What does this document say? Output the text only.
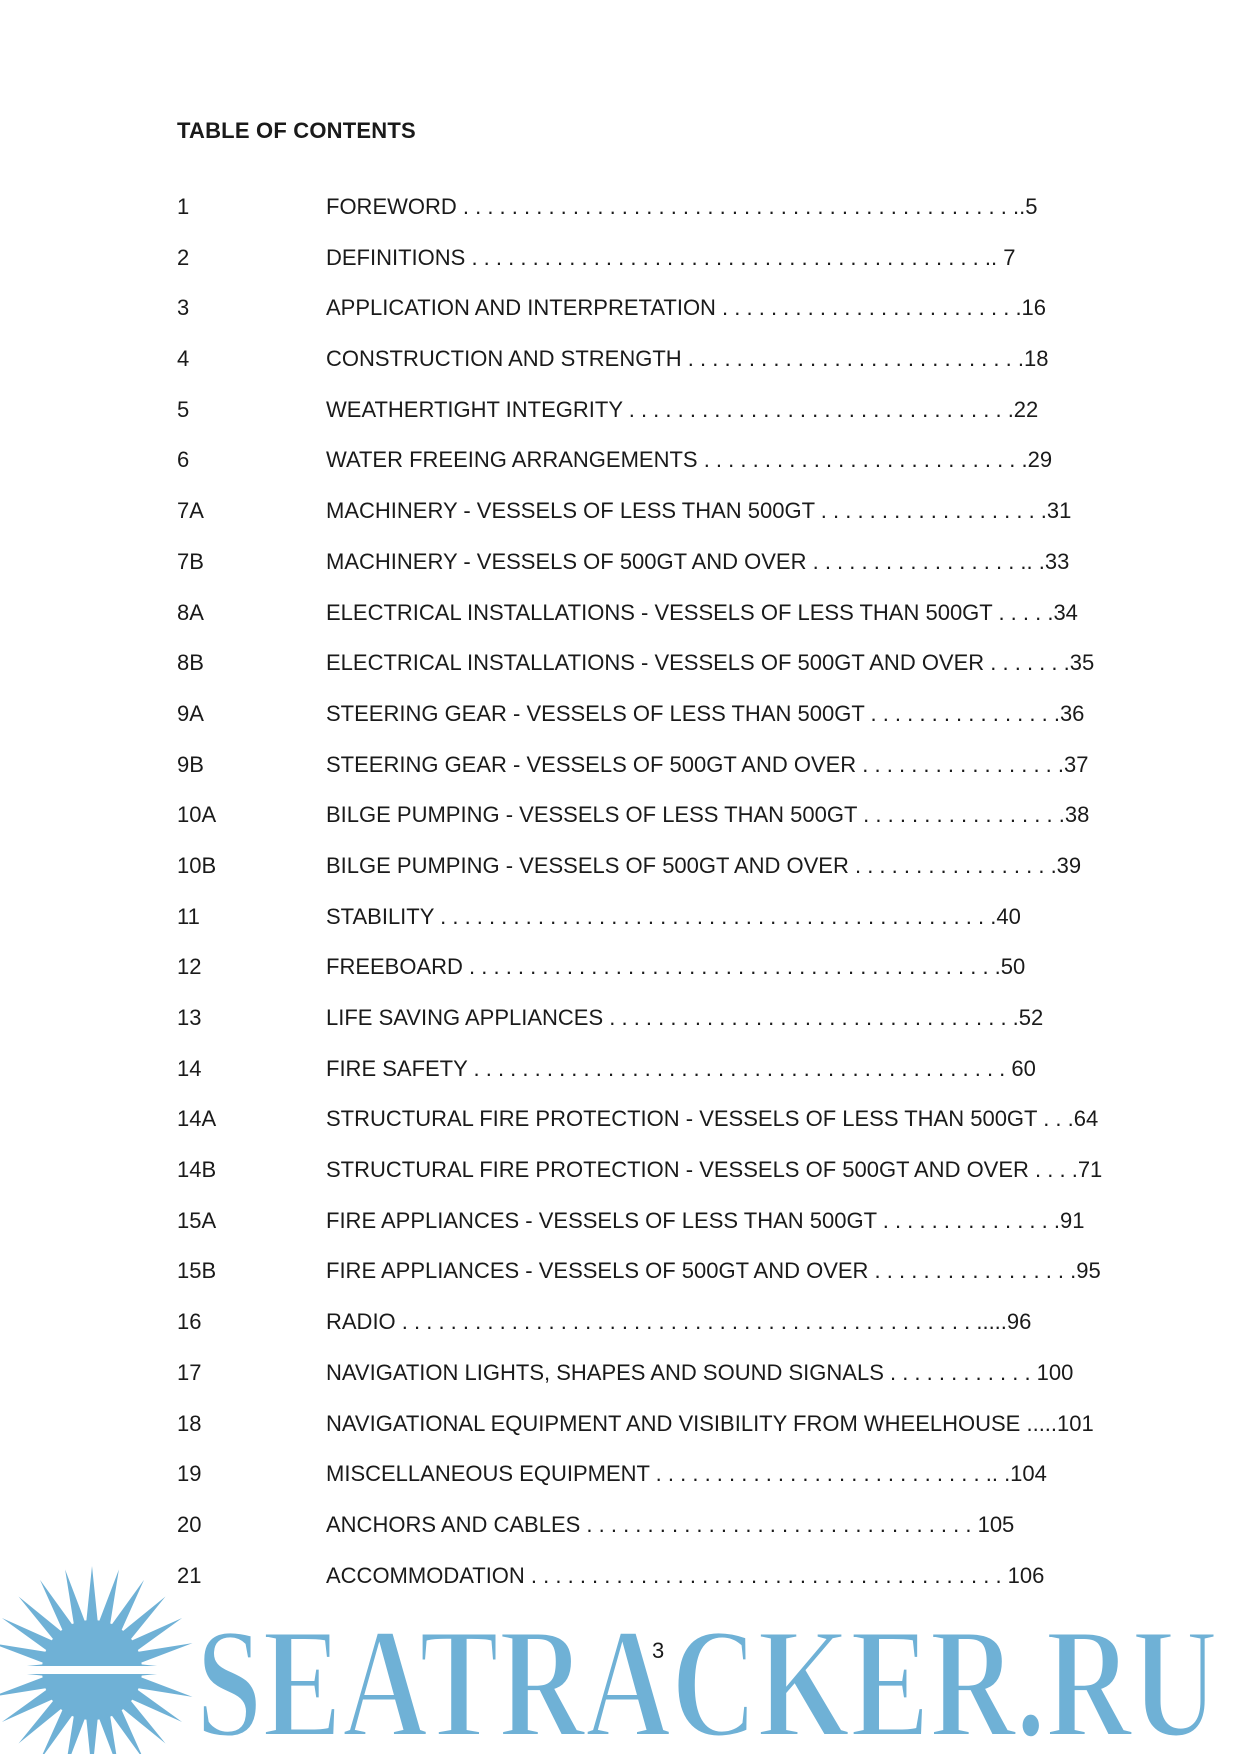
TABLE OF CONTENTS
1	FOREWORD . . . . . . . . . . . . . . . . . . . . . . . . . . . . . . . . . . . . . . . . . . . . . ..5
2	DEFINITIONS . . . . . . . . . . . . . . . . . . . . . . . . . . . . . . . . . . . . . . . . . . .. 7
3	APPLICATION AND INTERPRETATION . . . . . . . . . . . . . . . . . . . . . . . . .16
4	CONSTRUCTION AND STRENGTH . . . . . . . . . . . . . . . . . . . . . . . . . . . .18
5	WEATHERTIGHT INTEGRITY . . . . . . . . . . . . . . . . . . . . . . . . . . . . . . . .22
6	WATER FREEING ARRANGEMENTS . . . . . . . . . . . . . . . . . . . . . . . . . . .29
7A	MACHINERY - VESSELS OF LESS THAN 500GT . . . . . . . . . . . . . . . . . . .31
7B	MACHINERY - VESSELS OF 500GT AND OVER . . . . . . . . . . . . . . . . . .. .33
8A	ELECTRICAL INSTALLATIONS - VESSELS OF LESS THAN 500GT . . . . .34
8B	ELECTRICAL INSTALLATIONS - VESSELS OF 500GT AND OVER . . . . . . .35
9A	STEERING GEAR - VESSELS OF LESS THAN 500GT . . . . . . . . . . . . . . . .36
9B	STEERING GEAR - VESSELS OF 500GT AND OVER . . . . . . . . . . . . . . . . .37
10A	BILGE PUMPING - VESSELS OF LESS THAN 500GT . . . . . . . . . . . . . . . . .38
10B	BILGE PUMPING - VESSELS OF 500GT AND OVER . . . . . . . . . . . . . . . . .39
11	STABILITY . . . . . . . . . . . . . . . . . . . . . . . . . . . . . . . . . . . . . . . . . . . . . .40
12	FREEBOARD . . . . . . . . . . . . . . . . . . . . . . . . . . . . . . . . . . . . . . . . . . . .50
13	LIFE SAVING APPLIANCES . . . . . . . . . . . . . . . . . . . . . . . . . . . . . . . . . .52
14	FIRE SAFETY . . . . . . . . . . . . . . . . . . . . . . . . . . . . . . . . . . . . . . . . . . . . 60
14A	STRUCTURAL FIRE PROTECTION - VESSELS OF LESS THAN 500GT . . .64
14B	STRUCTURAL FIRE PROTECTION - VESSELS OF 500GT AND OVER . . . .71
15A	FIRE APPLIANCES - VESSELS OF LESS THAN 500GT . . . . . . . . . . . . . . .91
15B	FIRE APPLIANCES - VESSELS OF 500GT AND OVER . . . . . . . . . . . . . . . . .95
16	RADIO . . . . . . . . . . . . . . . . . . . . . . . . . . . . . . . . . . . . . . . . . . . . . . . .....96
17	NAVIGATION LIGHTS, SHAPES AND SOUND SIGNALS . . . . . . . . . . . . 100
18	NAVIGATIONAL EQUIPMENT AND VISIBILITY FROM WHEELHOUSE .....101
19	MISCELLANEOUS EQUIPMENT . . . . . . . . . . . . . . . . . . . . . . . . . . . .. .104
20	ANCHORS AND CABLES . . . . . . . . . . . . . . . . . . . . . . . . . . . . . . . . 105
21	ACCOMMODATION . . . . . . . . . . . . . . . . . . . . . . . . . . . . . . . . . . . . . . . 106
3
SEATRACKER.RU
